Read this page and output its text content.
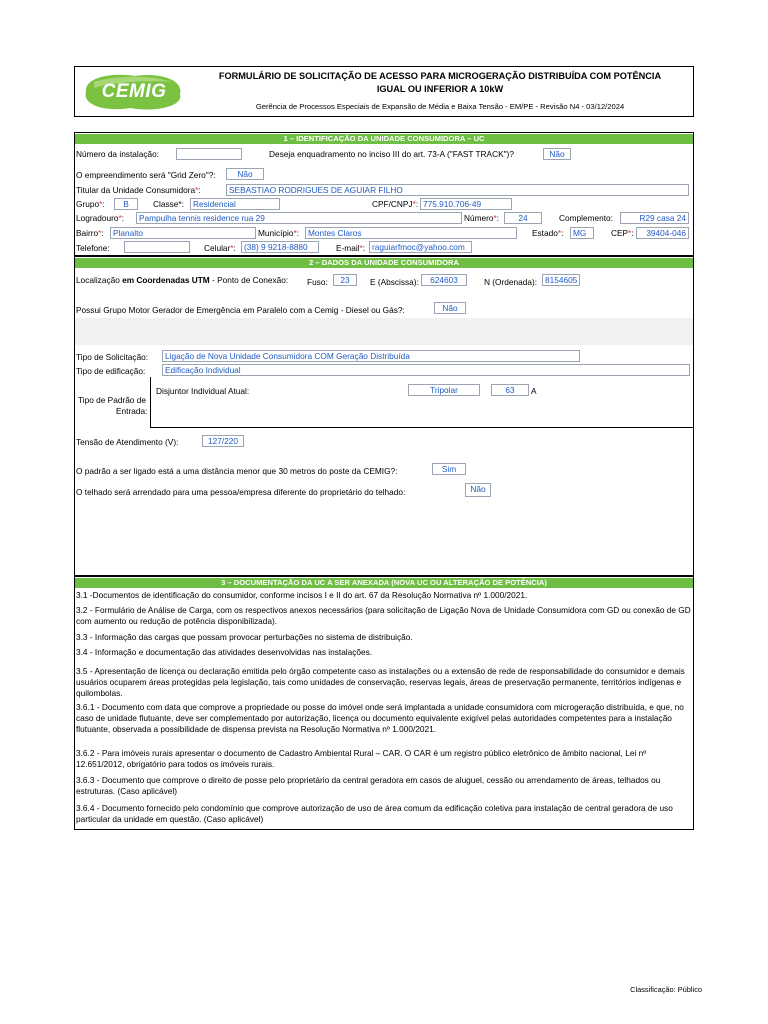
CEMIG
FORMULÁRIO DE SOLICITAÇÃO DE ACESSO PARA MICROGERAÇÃO DISTRIBUÍDA COM POTÊNCIA
IGUAL OU INFERIOR A 10kW
Gerência de Processos Especiais de Expansão de Média e Baixa Tensão - EM/PE - Revisão N4 - 03/12/2024
1 – IDENTIFICAÇÃO DA UNIDADE CONSUMIDORA – UC
Número da instalação:	Deseja enquadramento no inciso III do art. 73-A ("FAST TRACK")?	Não
O empreendimento será "Grid Zero"?:	Não
Titular da Unidade Consumidora*:	SEBASTIAO RODRIGUES DE AGUIAR FILHO
Grupo*:	B	Classe*:	Residencial	CPF/CNPJ*: 775.910.706-49
Logradouro*:	Pampulha tennis residence rua 29	Número*:	24	Complemento:	R29 casa 24
Bairro*:	Planalto	Município*:	Montes Claros	Estado*:	MG	CEP*:	39404-046
Telefone:	Celular*: (38) 9 9218-8880	E-mail*: raguiarfmoc@yahoo.com
2 – DADOS DA UNIDADE CONSUMIDORA
Localização em Coordenadas UTM - Ponto de Conexão: Fuso:	23	E (Abscissa):	624603	N (Ordenada): 8154605
Possui Grupo Motor Gerador de Emergência em Paralelo com a Cemig - Diesel ou Gás?:	Não
Tipo de Solicitação:	Ligação de Nova Unidade Consumidora COM Geração Distribuída
Tipo de edificação:	Edificação Individual
Tipo de Padrão de
Entrada:
Disjuntor Individual Atual:	Tripolar	63	A
Tensão de Atendimento (V):	127/220
O padrão a ser ligado está a uma distância menor que 30 metros do poste da CEMIG?:	Sim
O telhado será arrendado para uma pessoa/empresa diferente do proprietário do telhado:	Não
3 – DOCUMENTAÇÃO DA UC A SER ANEXADA (NOVA UC OU ALTERAÇÃO DE POTÊNCIA)
3.1 -Documentos de identificação do consumidor, conforme incisos I e II do art. 67 da Resolução Normativa nº 1.000/2021.
3.2 - Formulário de Análise de Carga, com os respectivos anexos necessários (para solicitação de Ligação Nova de Unidade Consumidora com GD ou conexão de GD com aumento ou redução de potência disponibilizada).
3.3 - Informação das cargas que possam provocar perturbações no sistema de distribuição.
3.4 - Informação e documentação das atividades desenvolvidas nas instalações.
3.5 - Apresentação de licença ou declaração emitida pelo órgão competente caso as instalações ou a extensão de rede de responsabilidade do consumidor e demais usuários ocuparem áreas protegidas pela legislação, tais como unidades de conservação, reservas legais, áreas de preservação permanente, territórios indígenas e quilombolas.
3.6.1 - Documento com data que comprove a propriedade ou posse do imóvel onde será implantada a unidade consumidora com microgeração distribuída, e que, no caso de unidade flutuante, deve ser complementado por autorização, licença ou documento equivalente exigível pelas autoridades competentes para a instalação flutuante, observada a possibilidade de dispensa prevista na Resolução Normativa nº 1.000/2021.
3.6.2 - Para imóveis rurais apresentar o documento de Cadastro Ambiental Rural – CAR. O CAR é um registro público eletrônico de âmbito nacional, Lei nº 12.651/2012, obrigatório para todos os imóveis rurais.
3.6.3 - Documento que comprove o direito de posse pelo proprietário da central geradora em casos de aluguel, cessão ou arrendamento de áreas, telhados ou estruturas. (Caso aplicável)
3.6.4 - Documento fornecido pelo condomínio que comprove autorização de uso de área comum da edificação coletiva para instalação de central geradora de uso particular da unidade em questão. (Caso aplicável)
Classificação: Público
